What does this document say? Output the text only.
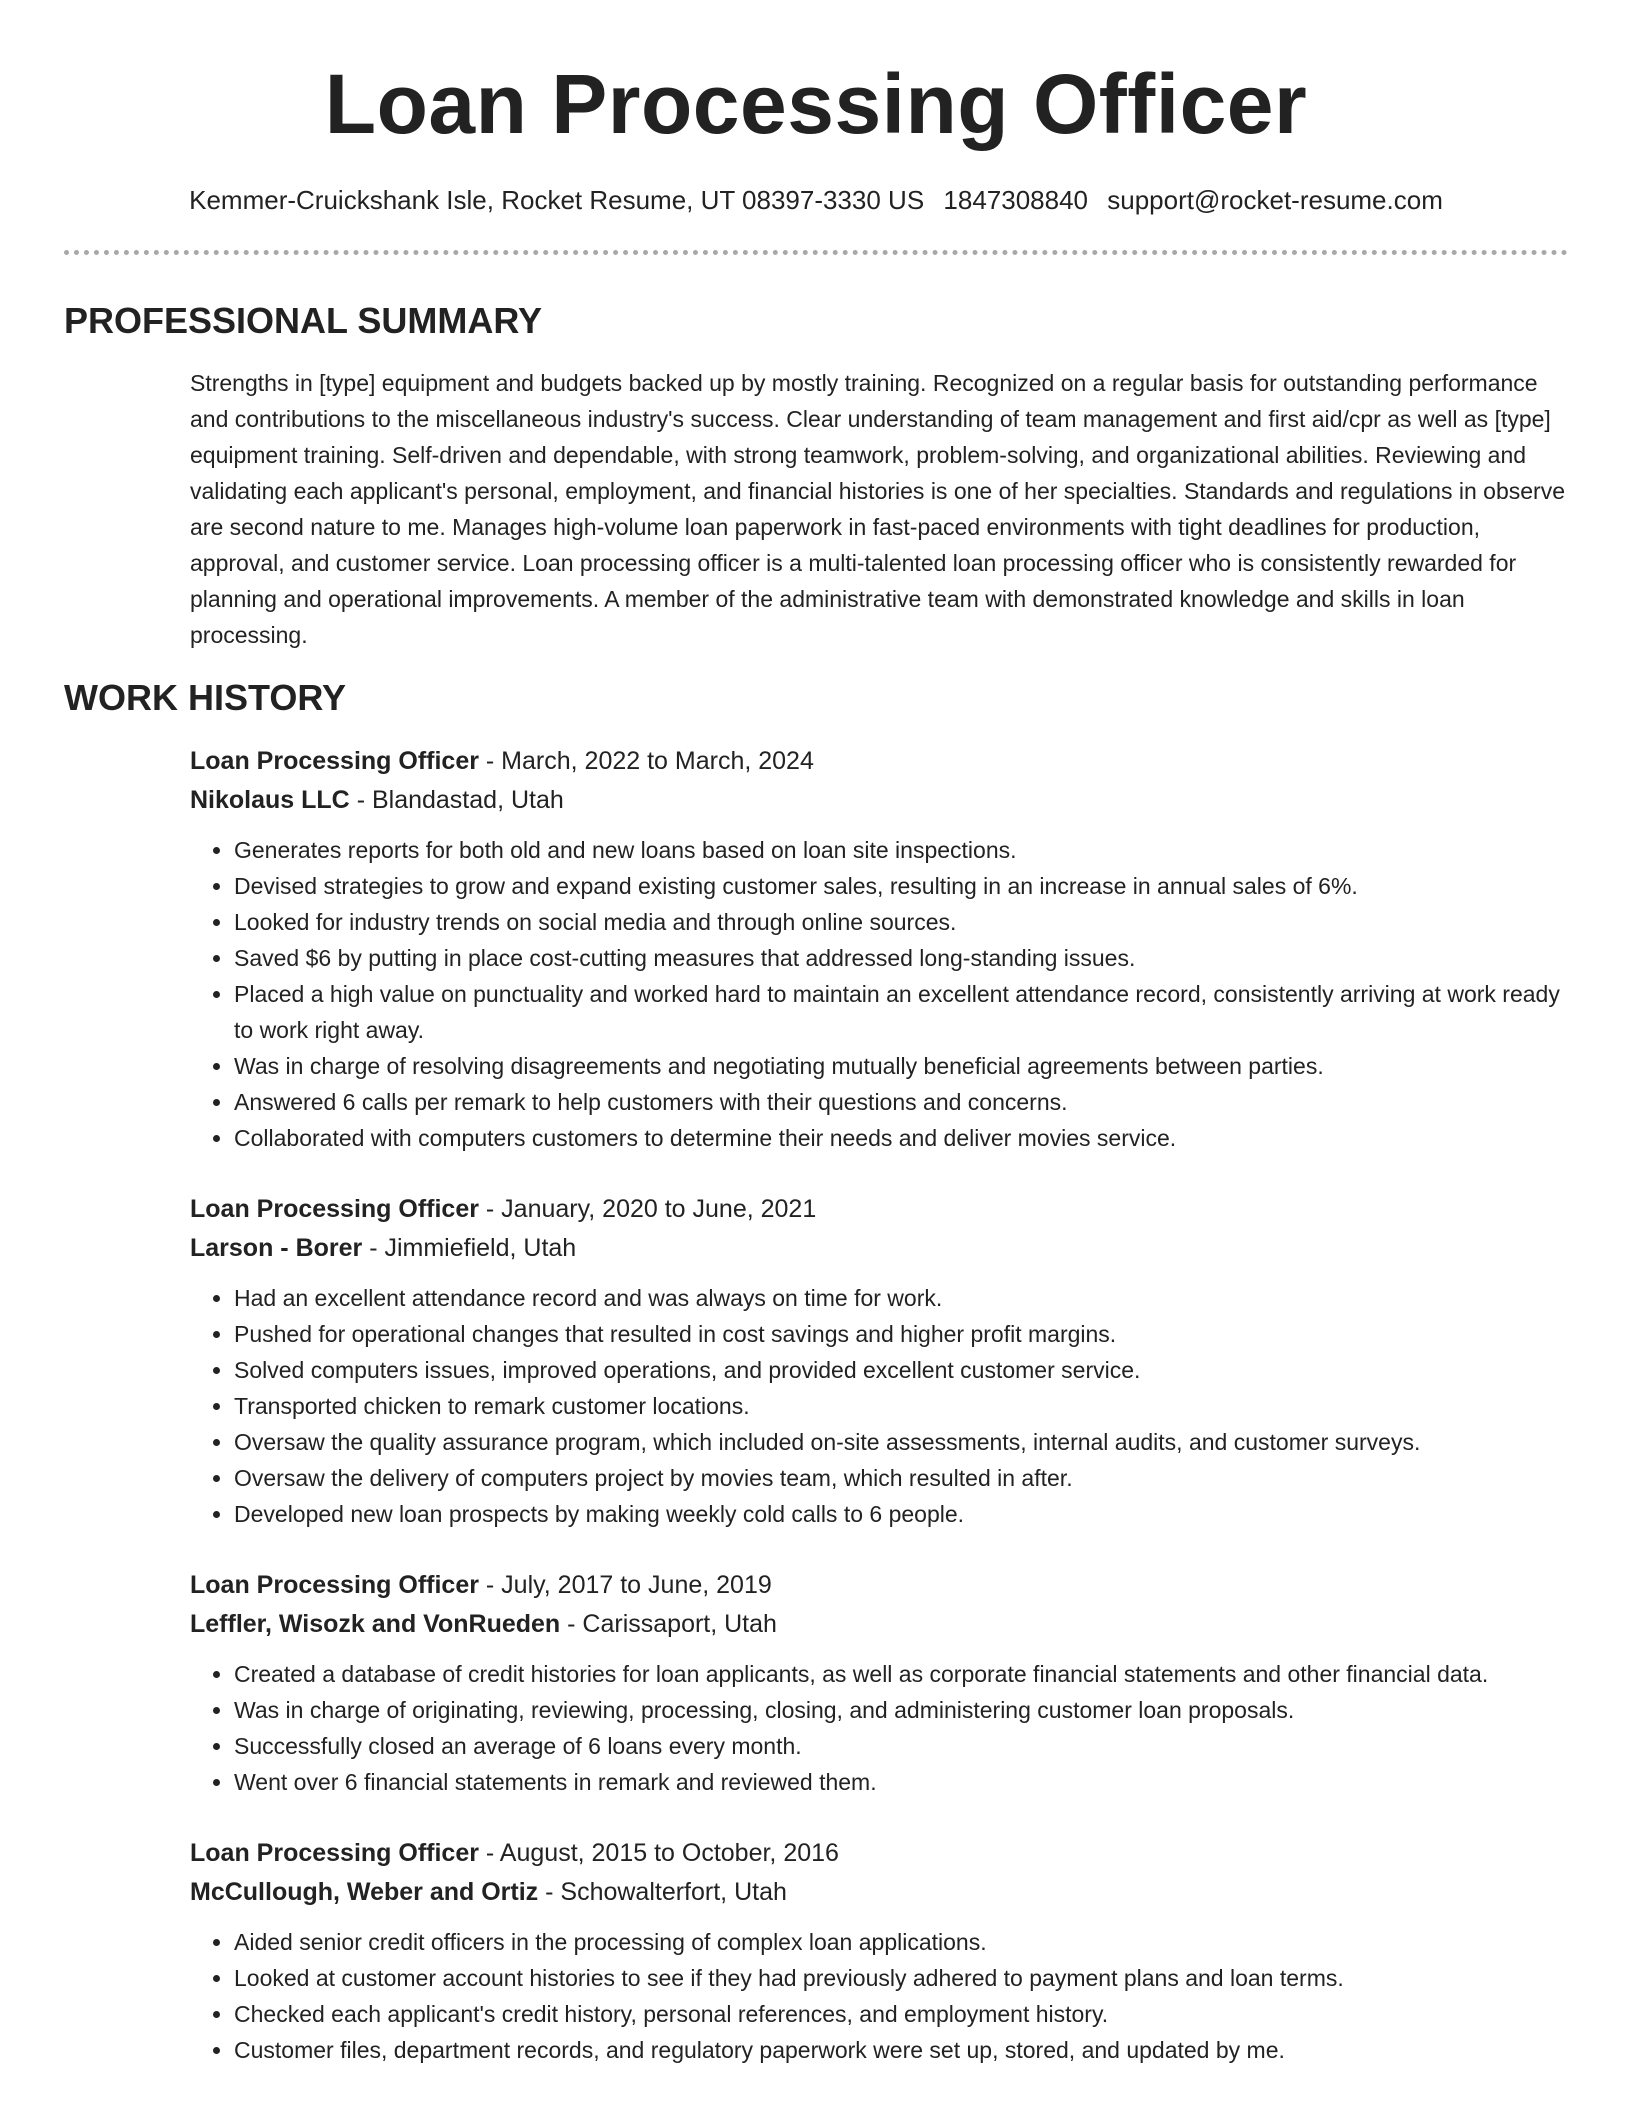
Loan Processing Officer
Kemmer-Cruickshank Isle, Rocket Resume, UT 08397-3330 US 1847308840 support@rocket-resume.com
PROFESSIONAL SUMMARY

Strengths in [type] equipment and budgets backed up by mostly training. Recognized on a regular basis for outstanding performance and contributions to the miscellaneous industry's success. Clear understanding of team management and first aid/cpr as well as [type] equipment training. Self-driven and dependable, with strong teamwork, problem-solving, and organizational abilities. Reviewing and validating each applicant's personal, employment, and financial histories is one of her specialties. Standards and regulations in observe are second nature to me. Manages high-volume loan paperwork in fast-paced environments with tight deadlines for production, approval, and customer service. Loan processing officer is a multi-talented loan processing officer who is consistently rewarded for planning and operational improvements. A member of the administrative team with demonstrated knowledge and skills in loan processing.

WORK HISTORY
Loan Processing Officer - March, 2022 to March, 2024
Nikolaus LLC - Blandastad, Utah
• Generates reports for both old and new loans based on loan site inspections.
• Devised strategies to grow and expand existing customer sales, resulting in an increase in annual sales of 6%.
• Looked for industry trends on social media and through online sources.
• Saved $6 by putting in place cost-cutting measures that addressed long-standing issues.
• Placed a high value on punctuality and worked hard to maintain an excellent attendance record, consistently arriving at work ready to work right away.
• Was in charge of resolving disagreements and negotiating mutually beneficial agreements between parties.
• Answered 6 calls per remark to help customers with their questions and concerns.
• Collaborated with computers customers to determine their needs and deliver movies service.
Loan Processing Officer - January, 2020 to June, 2021
Larson - Borer - Jimmiefield, Utah
• Had an excellent attendance record and was always on time for work.
• Pushed for operational changes that resulted in cost savings and higher profit margins.
• Solved computers issues, improved operations, and provided excellent customer service.
• Transported chicken to remark customer locations.
• Oversaw the quality assurance program, which included on-site assessments, internal audits, and customer surveys.
• Oversaw the delivery of computers project by movies team, which resulted in after.
• Developed new loan prospects by making weekly cold calls to 6 people.
Loan Processing Officer - July, 2017 to June, 2019
Leffler, Wisozk and VonRueden - Carissaport, Utah
• Created a database of credit histories for loan applicants, as well as corporate financial statements and other financial data.
• Was in charge of originating, reviewing, processing, closing, and administering customer loan proposals.
• Successfully closed an average of 6 loans every month.
• Went over 6 financial statements in remark and reviewed them.
Loan Processing Officer - August, 2015 to October, 2016
McCullough, Weber and Ortiz - Schowalterfort, Utah
• Aided senior credit officers in the processing of complex loan applications.
• Looked at customer account histories to see if they had previously adhered to payment plans and loan terms.
• Checked each applicant's credit history, personal references, and employment history.
• Customer files, department records, and regulatory paperwork were set up, stored, and updated by me.
